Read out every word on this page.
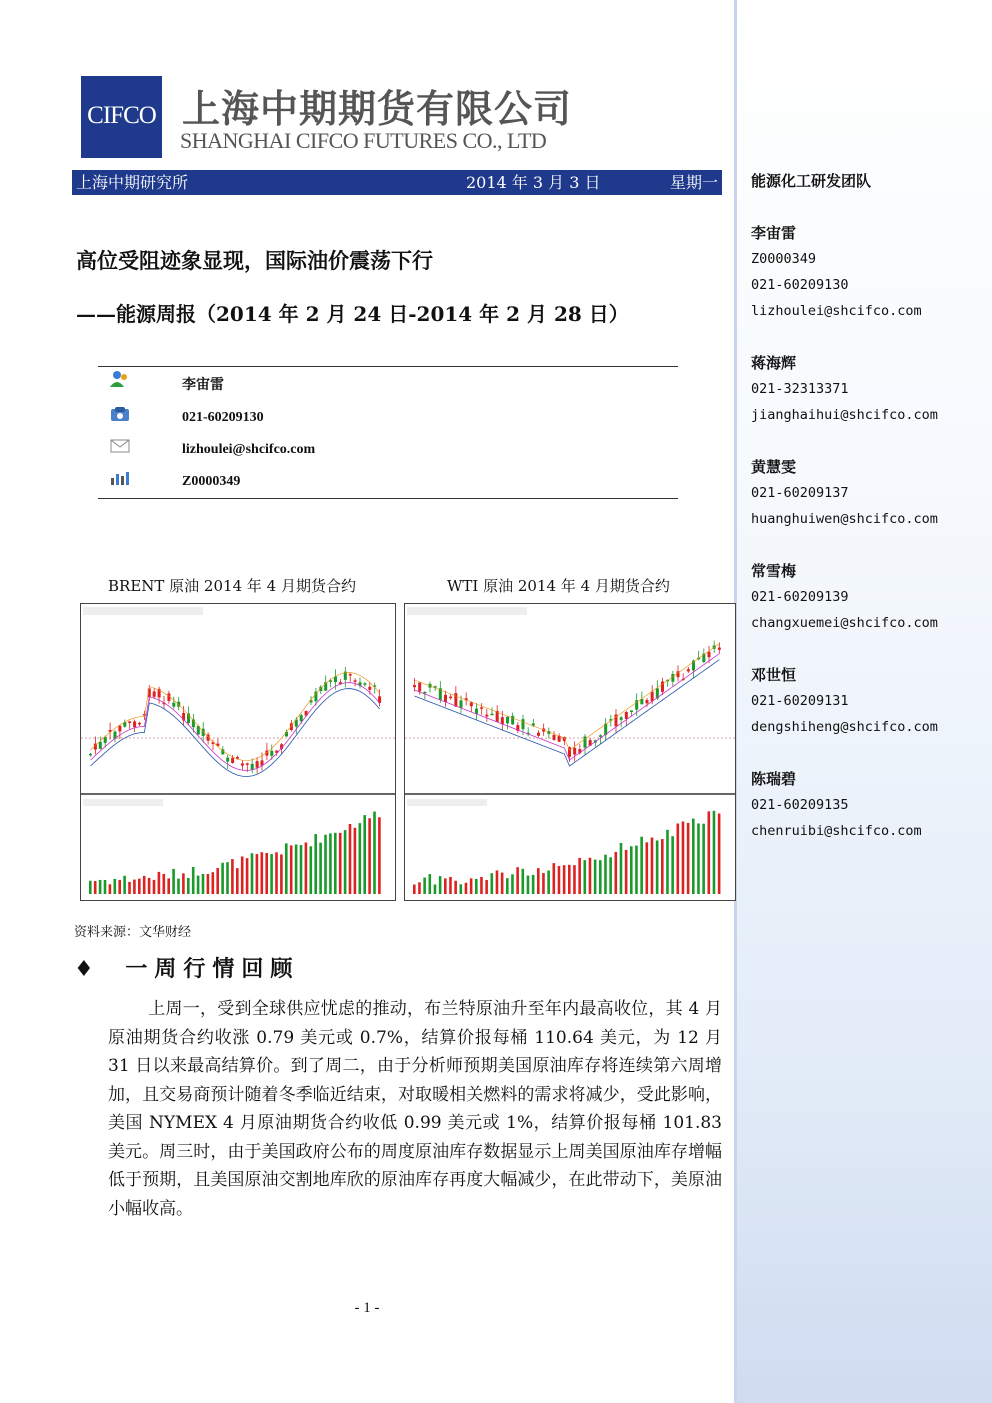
能源化工研发团队
李宙雷
Z0000349
021-60209130
lizhoulei@shcifco.com
蒋海辉
021-32313371
jianghaihui@shcifco.com
黄慧雯
021-60209137
huanghuiwen@shcifco.com
常雪梅
021-60209139
changxuemei@shcifco.com
邓世恒
021-60209131
dengshiheng@shcifco.com
陈瑞碧
021-60209135
chenruibi@shcifco.com
CIFCO 上海中期期货有限公司
SHANGHAI CIFCO FUTURES CO., LTD
上海中期研究所	2014 年 3 月 3 日	星期一
高位受阻迹象显现，国际油价震荡下行
——能源周报（2014 年 2 月 24 日-2014 年 2 月 28 日）
李宙雷
021-60209130
lizhoulei@shcifco.com
Z0000349
BRENT 原油 2014 年 4 月期货合约	WTI 原油 2014 年 4 月期货合约
资料来源：文华财经
♦ 一周行情回顾
上周一，受到全球供应忧虑的推动，布兰特原油升至年内最高收位，其 4 月原油期货合约收涨 0.79 美元或 0.7%，结算价报每桶 110.64 美元，为 12 月 31 日以来最高结算价。到了周二，由于分析师预期美国原油库存将连续第六周增加，且交易商预计随着冬季临近结束，对取暖相关燃料的需求将减少，受此影响，美国 NYMEX 4 月原油期货合约收低 0.99 美元或 1%，结算价报每桶 101.83 美元。周三时，由于美国政府公布的周度原油库存数据显示上周美国原油库存增幅低于预期，且美国原油交割地库欣的原油库存再度大幅减少，在此带动下，美原油小幅收高。
- 1 -
